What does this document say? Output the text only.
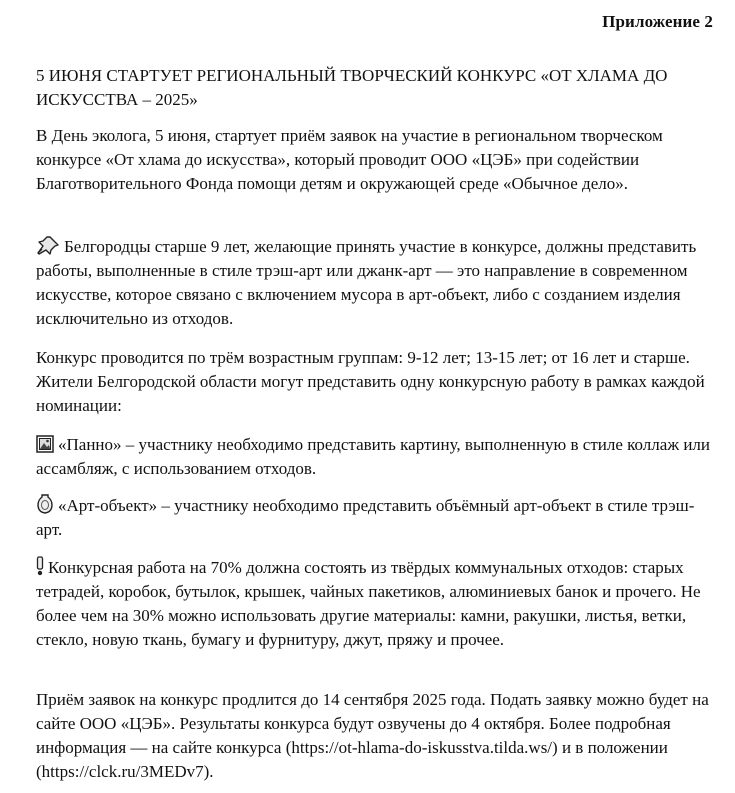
Приложение 2
5 ИЮНЯ СТАРТУЕТ РЕГИОНАЛЬНЫЙ ТВОРЧЕСКИЙ КОНКУРС «ОТ ХЛАМА ДО ИСКУССТВА – 2025»
В День эколога, 5 июня, стартует приём заявок на участие в региональном творческом конкурсе «От хлама до искусства», который проводит ООО «ЦЭБ» при содействии Благотворительного Фонда помощи детям и окружающей среде «Обычное дело».
Белгородцы старше 9 лет, желающие принять участие в конкурсе, должны представить работы, выполненные в стиле трэш-арт или джанк-арт — это направление в современном искусстве, которое связано с включением мусора в арт-объект, либо с созданием изделия исключительно из отходов.
Конкурс проводится по трём возрастным группам: 9-12 лет; 13-15 лет; от 16 лет и старше. Жители Белгородской области могут представить одну конкурсную работу в рамках каждой номинации:
«Панно» – участнику необходимо представить картину, выполненную в стиле коллаж или ассамбляж, с использованием отходов.
«Арт-объект» – участнику необходимо представить объёмный арт-объект в стиле трэш-арт.
Конкурсная работа на 70% должна состоять из твёрдых коммунальных отходов: старых тетрадей, коробок, бутылок, крышек, чайных пакетиков, алюминиевых банок и прочего. Не более чем на 30% можно использовать другие материалы: камни, ракушки, листья, ветки, стекло, новую ткань, бумагу и фурнитуру, джут, пряжу и прочее.
Приём заявок на конкурс продлится до 14 сентября 2025 года. Подать заявку можно будет на сайте ООО «ЦЭБ». Результаты конкурса будут озвучены до 4 октября. Более подробная информация — на сайте конкурса (https://ot-hlama-do-iskusstva.tilda.ws/) и в положении (https://clck.ru/3MEDv7).
